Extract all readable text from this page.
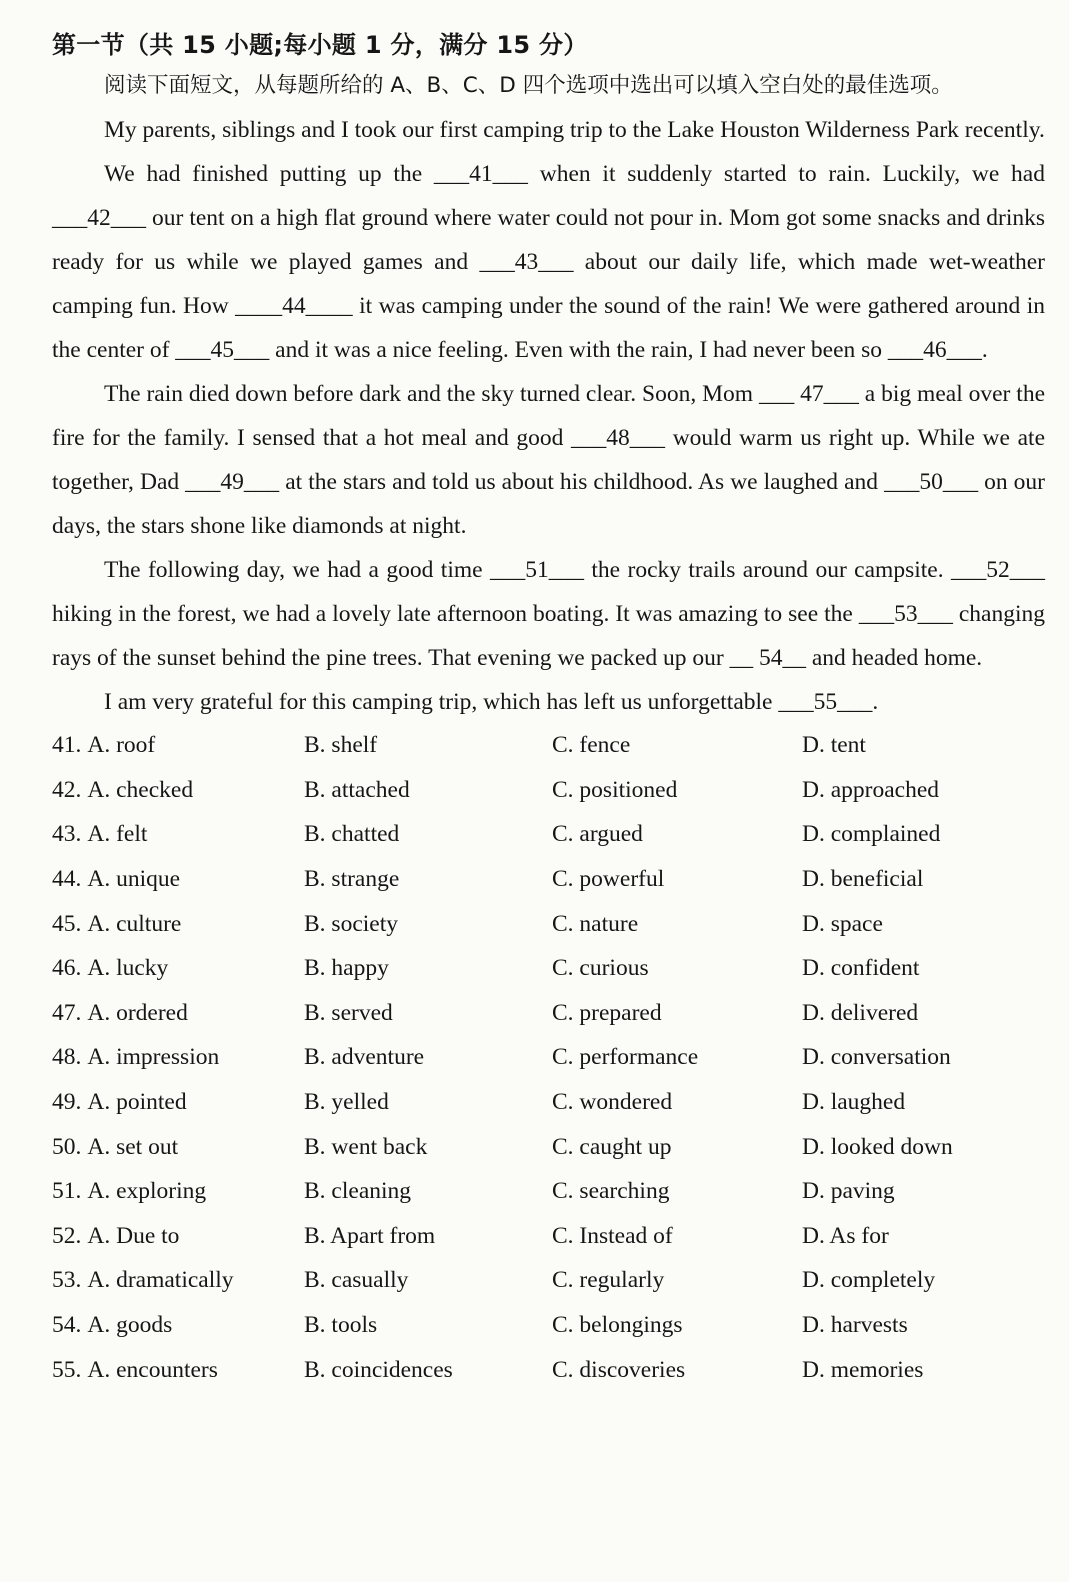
第一节（共 15 小题;每小题 1 分，满分 15 分）

阅读下面短文，从每题所给的 A、B、C、D 四个选项中选出可以填入空白处的最佳选项。

My parents, siblings and I took our first camping trip to the Lake Houston Wilderness Park recently.

We had finished putting up the ___41___ when it suddenly started to rain. Luckily, we had ___42___ our tent on a high flat ground where water could not pour in. Mom got some snacks and drinks ready for us while we played games and ___43___ about our daily life, which made wet-weather camping fun. How ____44____ it was camping under the sound of the rain! We were gathered around in the center of ___45___ and it was a nice feeling. Even with the rain, I had never been so ___46___.

The rain died down before dark and the sky turned clear. Soon, Mom ___ 47___ a big meal over the fire for the family. I sensed that a hot meal and good ___48___ would warm us right up. While we ate together, Dad ___49___ at the stars and told us about his childhood. As we laughed and ___50___ on our days, the stars shone like diamonds at night.

The following day, we had a good time ___51___ the rocky trails around our campsite. ___52___ hiking in the forest, we had a lovely late afternoon boating. It was amazing to see the ___53___ changing rays of the sunset behind the pine trees. That evening we packed up our __ 54__ and headed home.

I am very grateful for this camping trip, which has left us unforgettable ___55___.

41. A. roof	B. shelf	C. fence	D. tent
42. A. checked	B. attached	C. positioned	D. approached
43. A. felt	B. chatted	C. argued	D. complained
44. A. unique	B. strange	C. powerful	D. beneficial
45. A. culture	B. society	C. nature	D. space
46. A. lucky	B. happy	C. curious	D. confident
47. A. ordered	B. served	C. prepared	D. delivered
48. A. impression	B. adventure	C. performance	D. conversation
49. A. pointed	B. yelled	C. wondered	D. laughed
50. A. set out	B. went back	C. caught up	D. looked down
51. A. exploring	B. cleaning	C. searching	D. paving
52. A. Due to	B. Apart from	C. Instead of	D. As for
53. A. dramatically	B. casually	C. regularly	D. completely
54. A. goods	B. tools	C. belongings	D. harvests
55. A. encounters	B. coincidences	C. discoveries	D. memories
